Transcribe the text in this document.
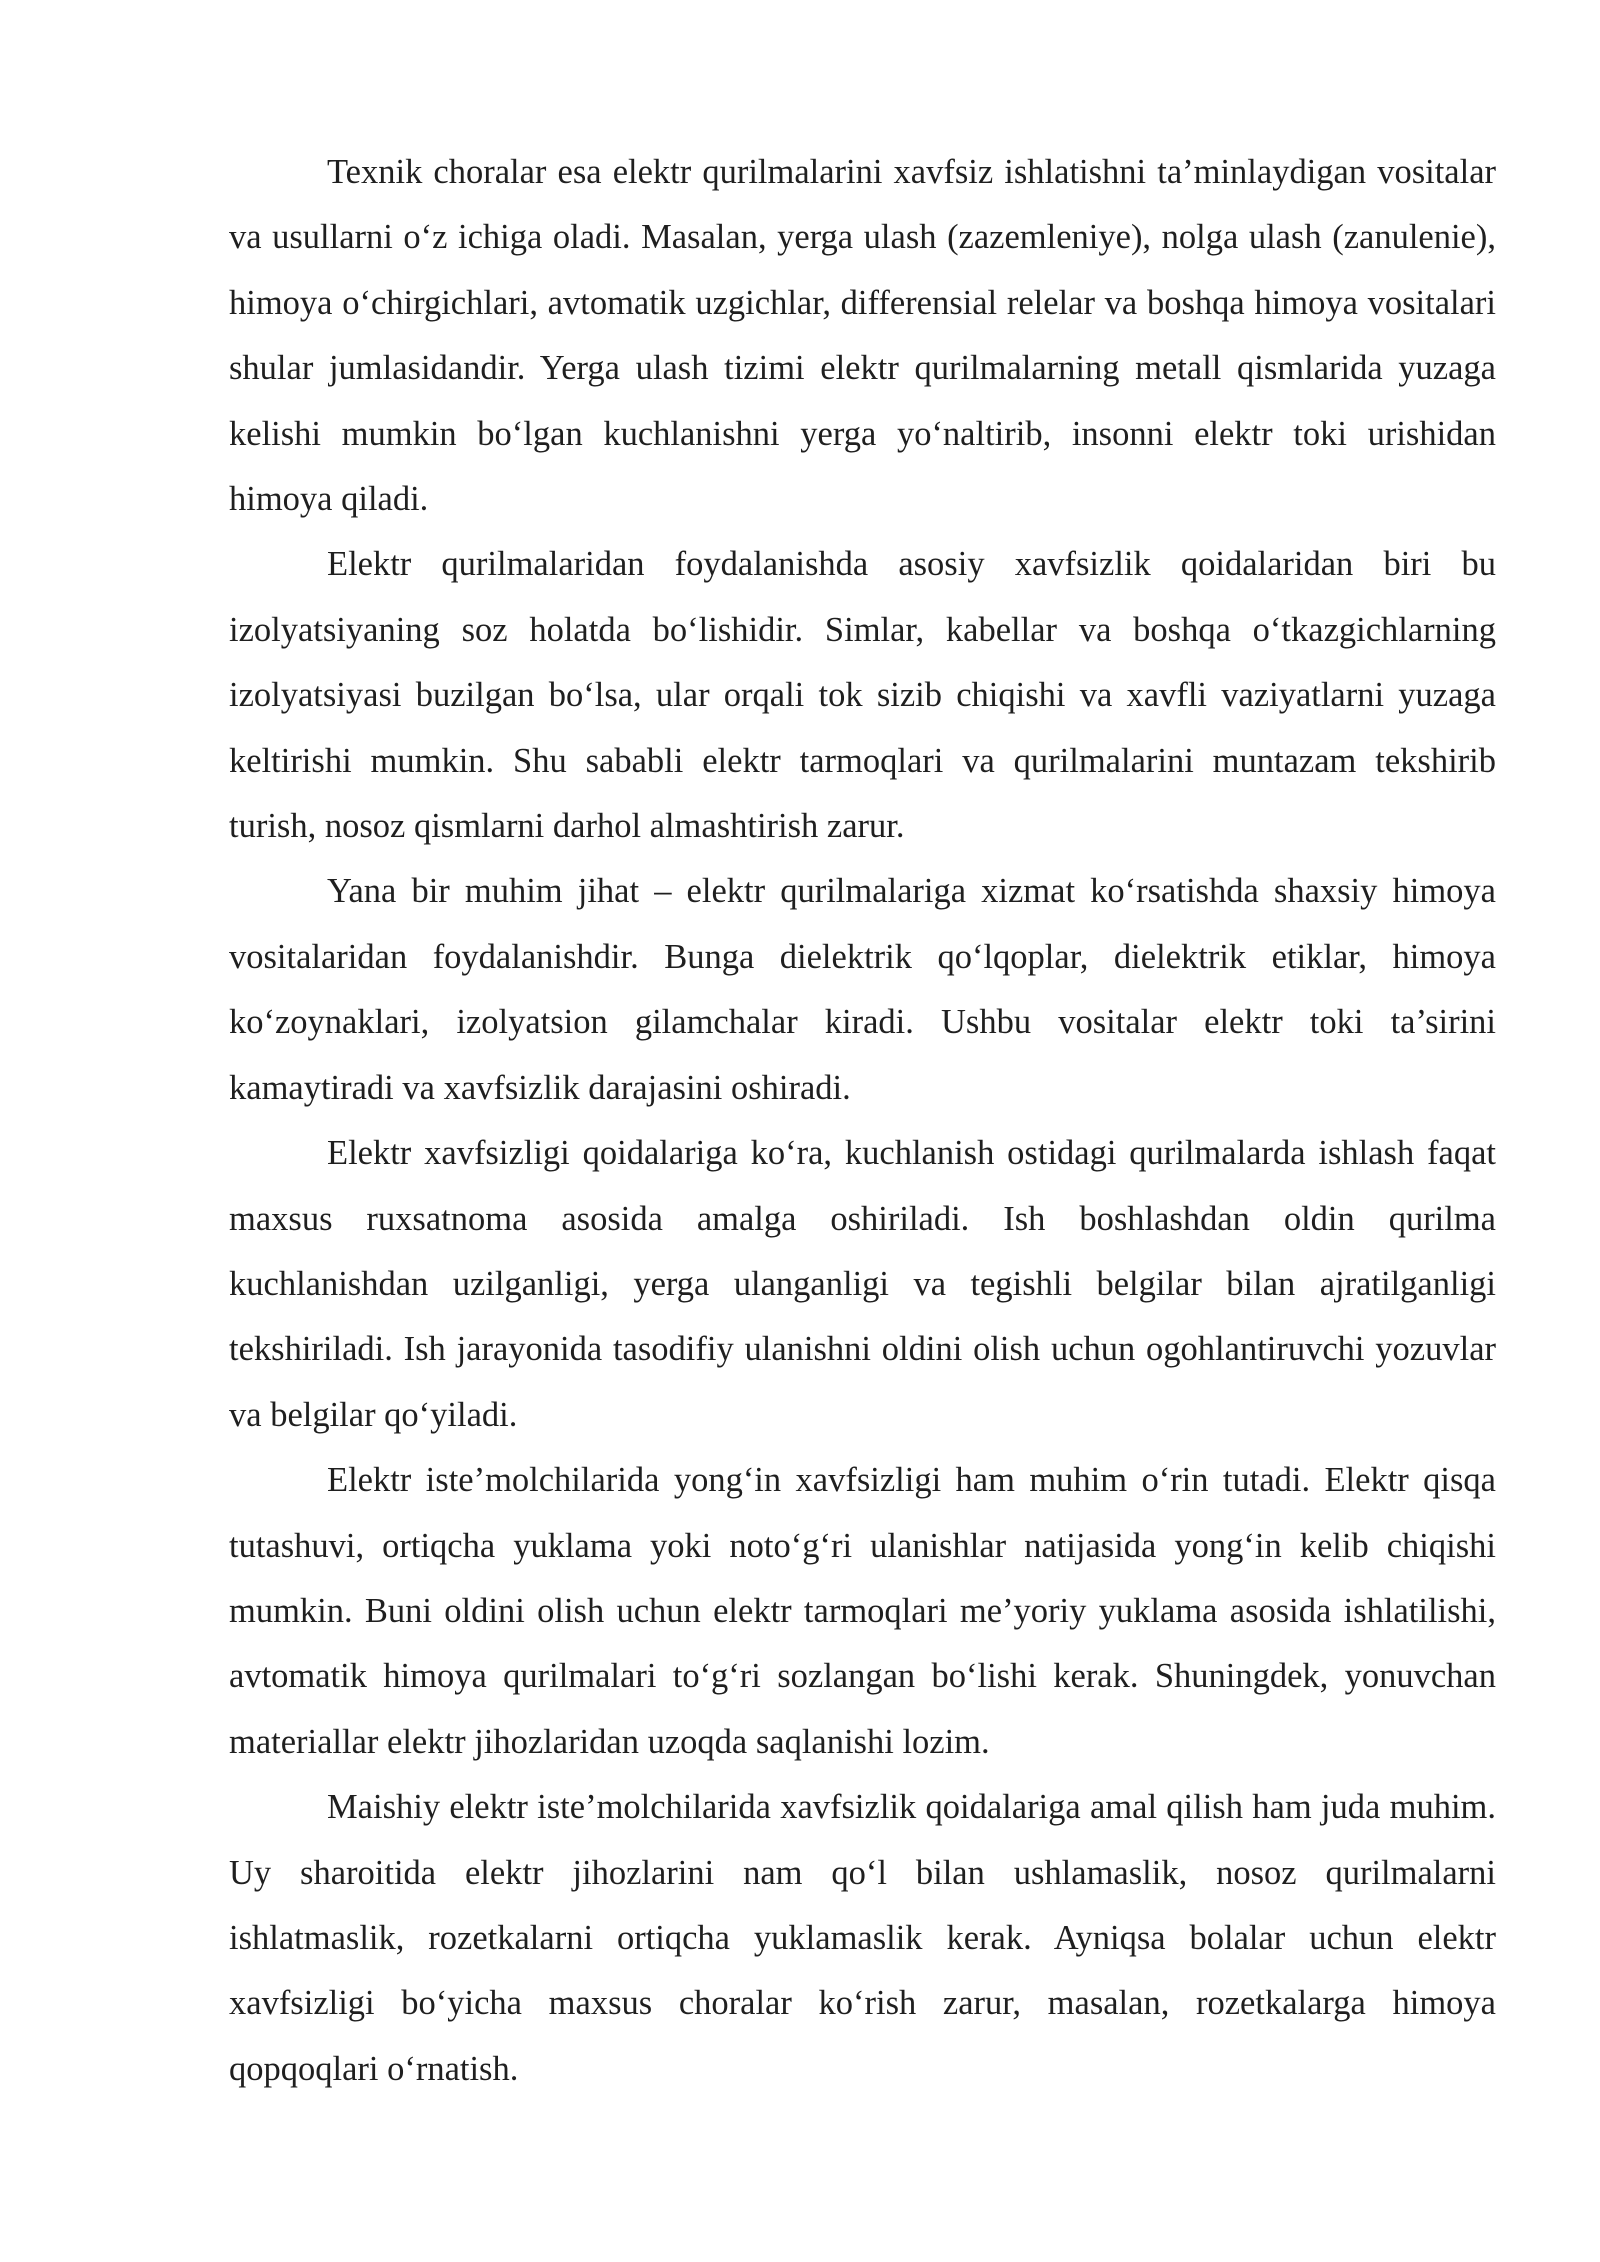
Texnik choralar esa elektr qurilmalarini xavfsiz ishlatishni ta’minlaydigan vositalar va usullarni o‘z ichiga oladi. Masalan, yerga ulash (zazemleniye), nolga ulash (zanulenie), himoya o‘chirgichlari, avtomatik uzgichlar, differensial relelar va boshqa himoya vositalari shular jumlasidandir. Yerga ulash tizimi elektr qurilmalarning metall qismlarida yuzaga kelishi mumkin bo‘lgan kuchlanishni yerga yo‘naltirib, insonni elektr toki urishidan himoya qiladi.

Elektr qurilmalaridan foydalanishda asosiy xavfsizlik qoidalaridan biri bu izolyatsiyaning soz holatda bo‘lishidir. Simlar, kabellar va boshqa o‘tkazgichlarning izolyatsiyasi buzilgan bo‘lsa, ular orqali tok sizib chiqishi va xavfli vaziyatlarni yuzaga keltirishi mumkin. Shu sababli elektr tarmoqlari va qurilmalarini muntazam tekshirib turish, nosoz qismlarni darhol almashtirish zarur.

Yana bir muhim jihat – elektr qurilmalariga xizmat ko‘rsatishda shaxsiy himoya vositalaridan foydalanishdir. Bunga dielektrik qo‘lqoplar, dielektrik etiklar, himoya ko‘zoynaklari, izolyatsion gilamchalar kiradi. Ushbu vositalar elektr toki ta’sirini kamaytiradi va xavfsizlik darajasini oshiradi.

Elektr xavfsizligi qoidalariga ko‘ra, kuchlanish ostidagi qurilmalarda ishlash faqat maxsus ruxsatnoma asosida amalga oshiriladi. Ish boshlashdan oldin qurilma kuchlanishdan uzilganligi, yerga ulanganligi va tegishli belgilar bilan ajratilganligi tekshiriladi. Ish jarayonida tasodifiy ulanishni oldini olish uchun ogohlantiruvchi yozuvlar va belgilar qo‘yiladi.

Elektr iste’molchilarida yong‘in xavfsizligi ham muhim o‘rin tutadi. Elektr qisqa tutashuvi, ortiqcha yuklama yoki noto‘g‘ri ulanishlar natijasida yong‘in kelib chiqishi mumkin. Buni oldini olish uchun elektr tarmoqlari me’yoriy yuklama asosida ishlatilishi, avtomatik himoya qurilmalari to‘g‘ri sozlangan bo‘lishi kerak. Shuningdek, yonuvchan materiallar elektr jihozlaridan uzoqda saqlanishi lozim.

Maishiy elektr iste’molchilarida xavfsizlik qoidalariga amal qilish ham juda muhim. Uy sharoitida elektr jihozlarini nam qo‘l bilan ushlamaslik, nosoz qurilmalarni ishlatmaslik, rozetkalarni ortiqcha yuklamaslik kerak. Ayniqsa bolalar uchun elektr xavfsizligi bo‘yicha maxsus choralar ko‘rish zarur, masalan, rozetkalarga himoya qopqoqlari o‘rnatish.
